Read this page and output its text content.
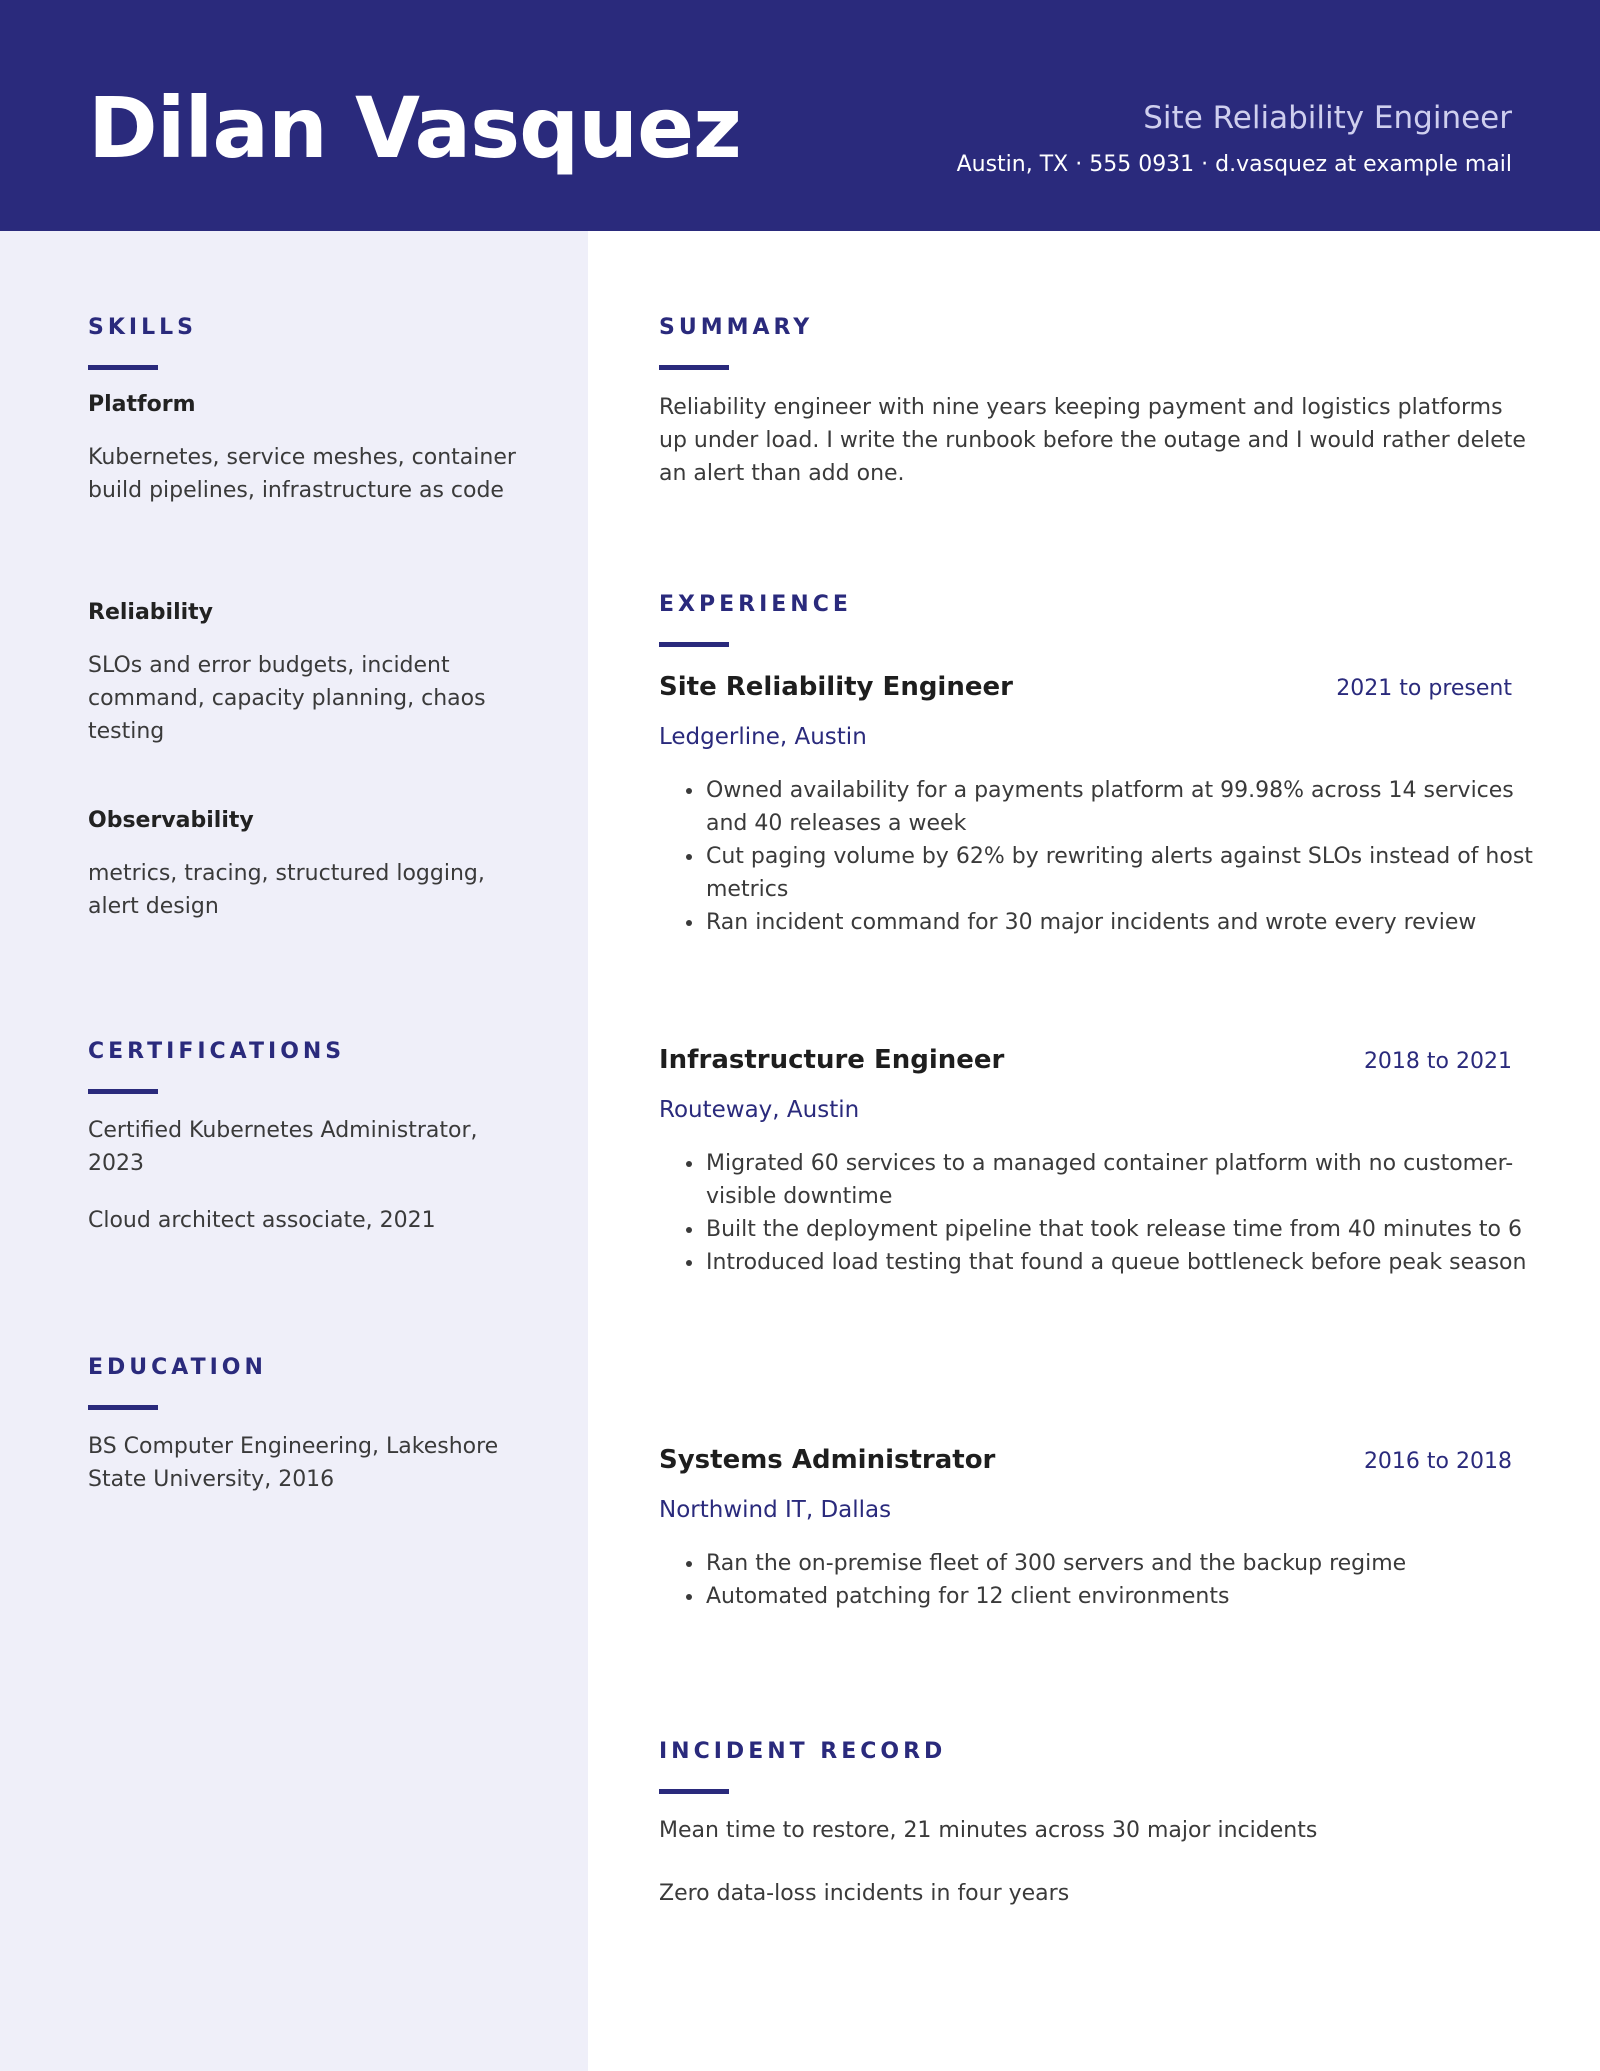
Dilan Vasquez	Site Reliability Engineer
Austin, TX · 555 0931 · d.vasquez at example mail
SKILLS
Platform
Kubernetes, service meshes, container build pipelines, infrastructure as code
Reliability
SLOs and error budgets, incident command, capacity planning, chaos testing
Observability
metrics, tracing, structured logging, alert design
CERTIFICATIONS
Certified Kubernetes Administrator, 2023
Cloud architect associate, 2021
EDUCATION
BS Computer Engineering, Lakeshore State University, 2016
SUMMARY
Reliability engineer with nine years keeping payment and logistics platforms up under load. I write the runbook before the outage and I would rather delete an alert than add one.
EXPERIENCE
Site Reliability Engineer	2021 to present
Ledgerline, Austin
Owned availability for a payments platform at 99.98% across 14 services and 40 releases a week
Cut paging volume by 62% by rewriting alerts against SLOs instead of host metrics
Ran incident command for 30 major incidents and wrote every review
Infrastructure Engineer	2018 to 2021
Routeway, Austin
Migrated 60 services to a managed container platform with no customer-visible downtime
Built the deployment pipeline that took release time from 40 minutes to 6
Introduced load testing that found a queue bottleneck before peak season
Systems Administrator	2016 to 2018
Northwind IT, Dallas
Ran the on-premise fleet of 300 servers and the backup regime
Automated patching for 12 client environments
INCIDENT RECORD
Mean time to restore, 21 minutes across 30 major incidents
Zero data-loss incidents in four years
